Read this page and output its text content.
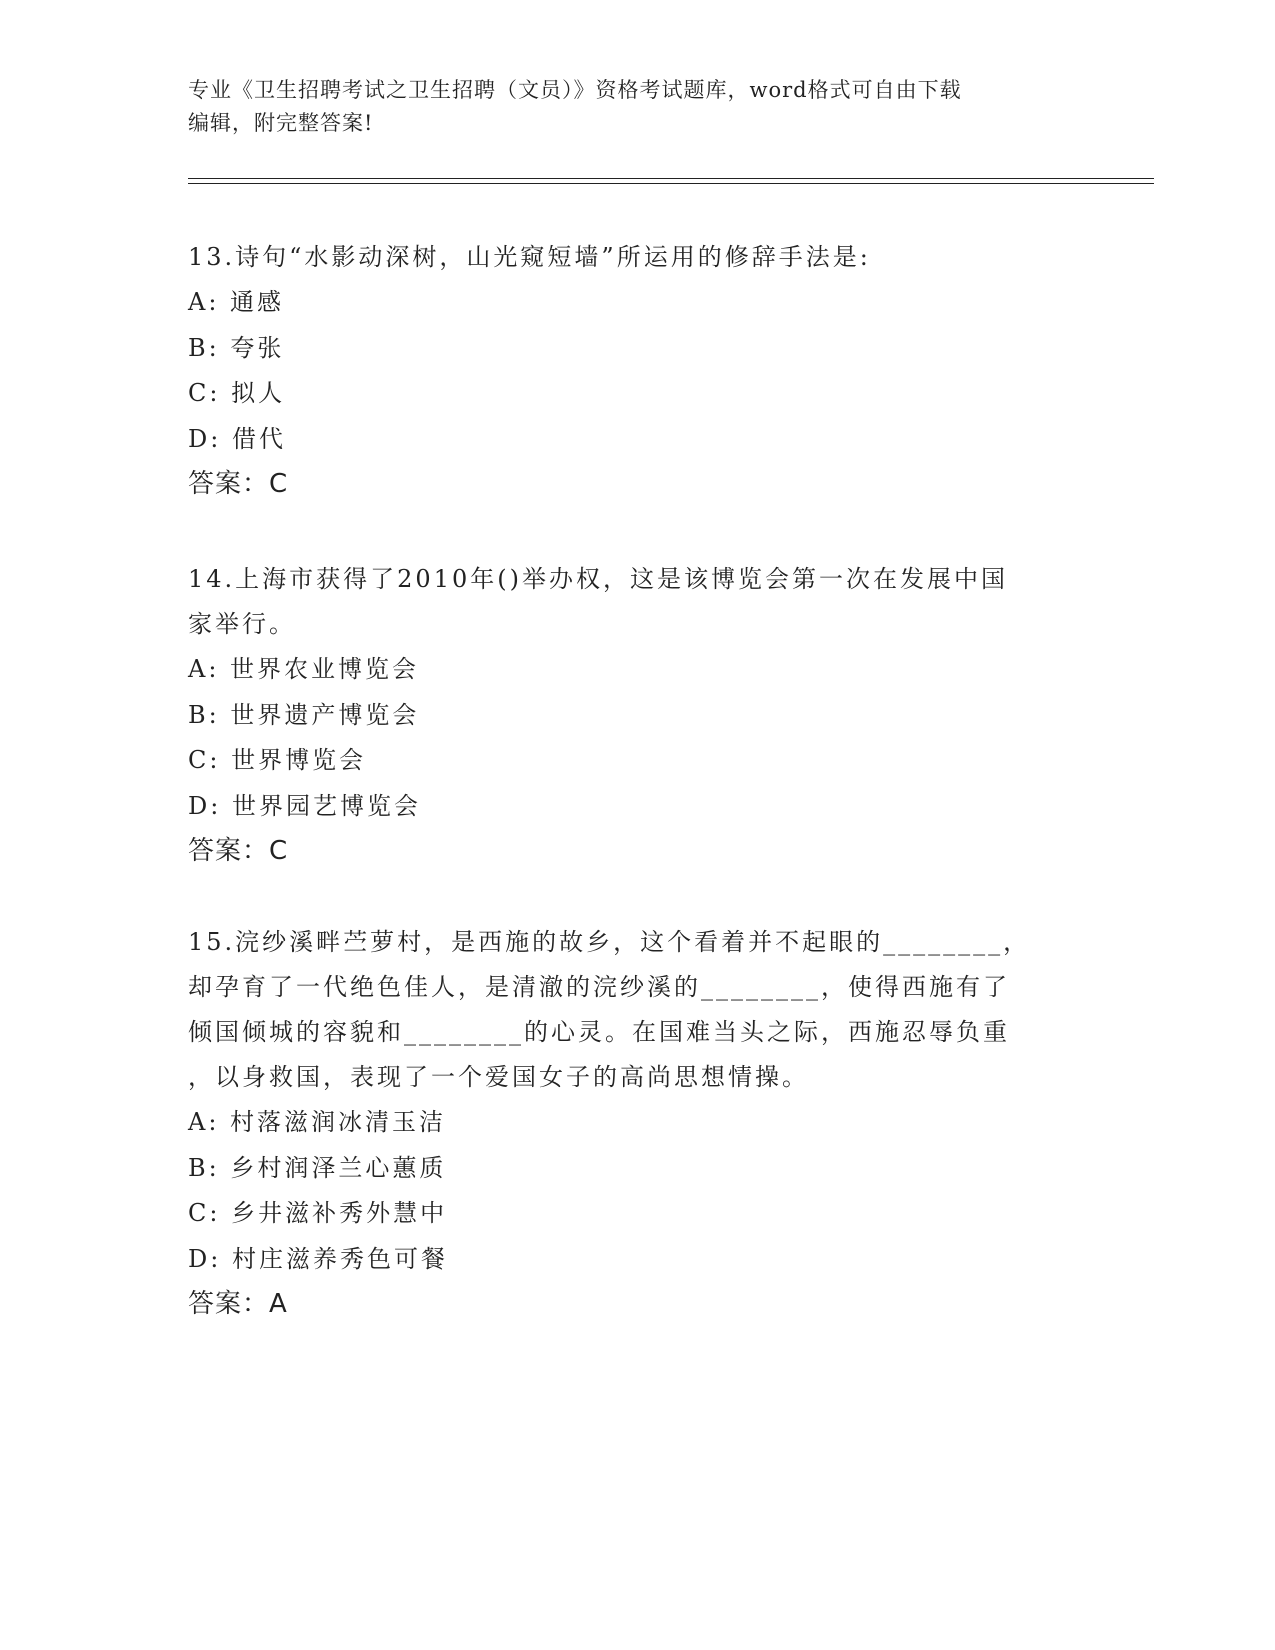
专业《卫生招聘考试之卫生招聘（文员）》资格考试题库，word格式可自由下载
编辑，附完整答案!

13.诗句“水影动深树，山光窥短墙”所运用的修辞手法是:

A: 通感

B: 夸张

C: 拟人

D: 借代

答案：C

14.上海市获得了2010年()举办权，这是该博览会第一次在发展中国

家举行。

A: 世界农业博览会

B: 世界遗产博览会

C: 世界博览会

D: 世界园艺博览会

答案：C

15.浣纱溪畔苎萝村，是西施的故乡，这个看着并不起眼的________，

却孕育了一代绝色佳人，是清澈的浣纱溪的________，使得西施有了

倾国倾城的容貌和________的心灵。在国难当头之际，西施忍辱负重

，以身救国，表现了一个爱国女子的高尚思想情操。

A: 村落滋润冰清玉洁

B: 乡村润泽兰心蕙质

C: 乡井滋补秀外慧中

D: 村庄滋养秀色可餐

答案：A
